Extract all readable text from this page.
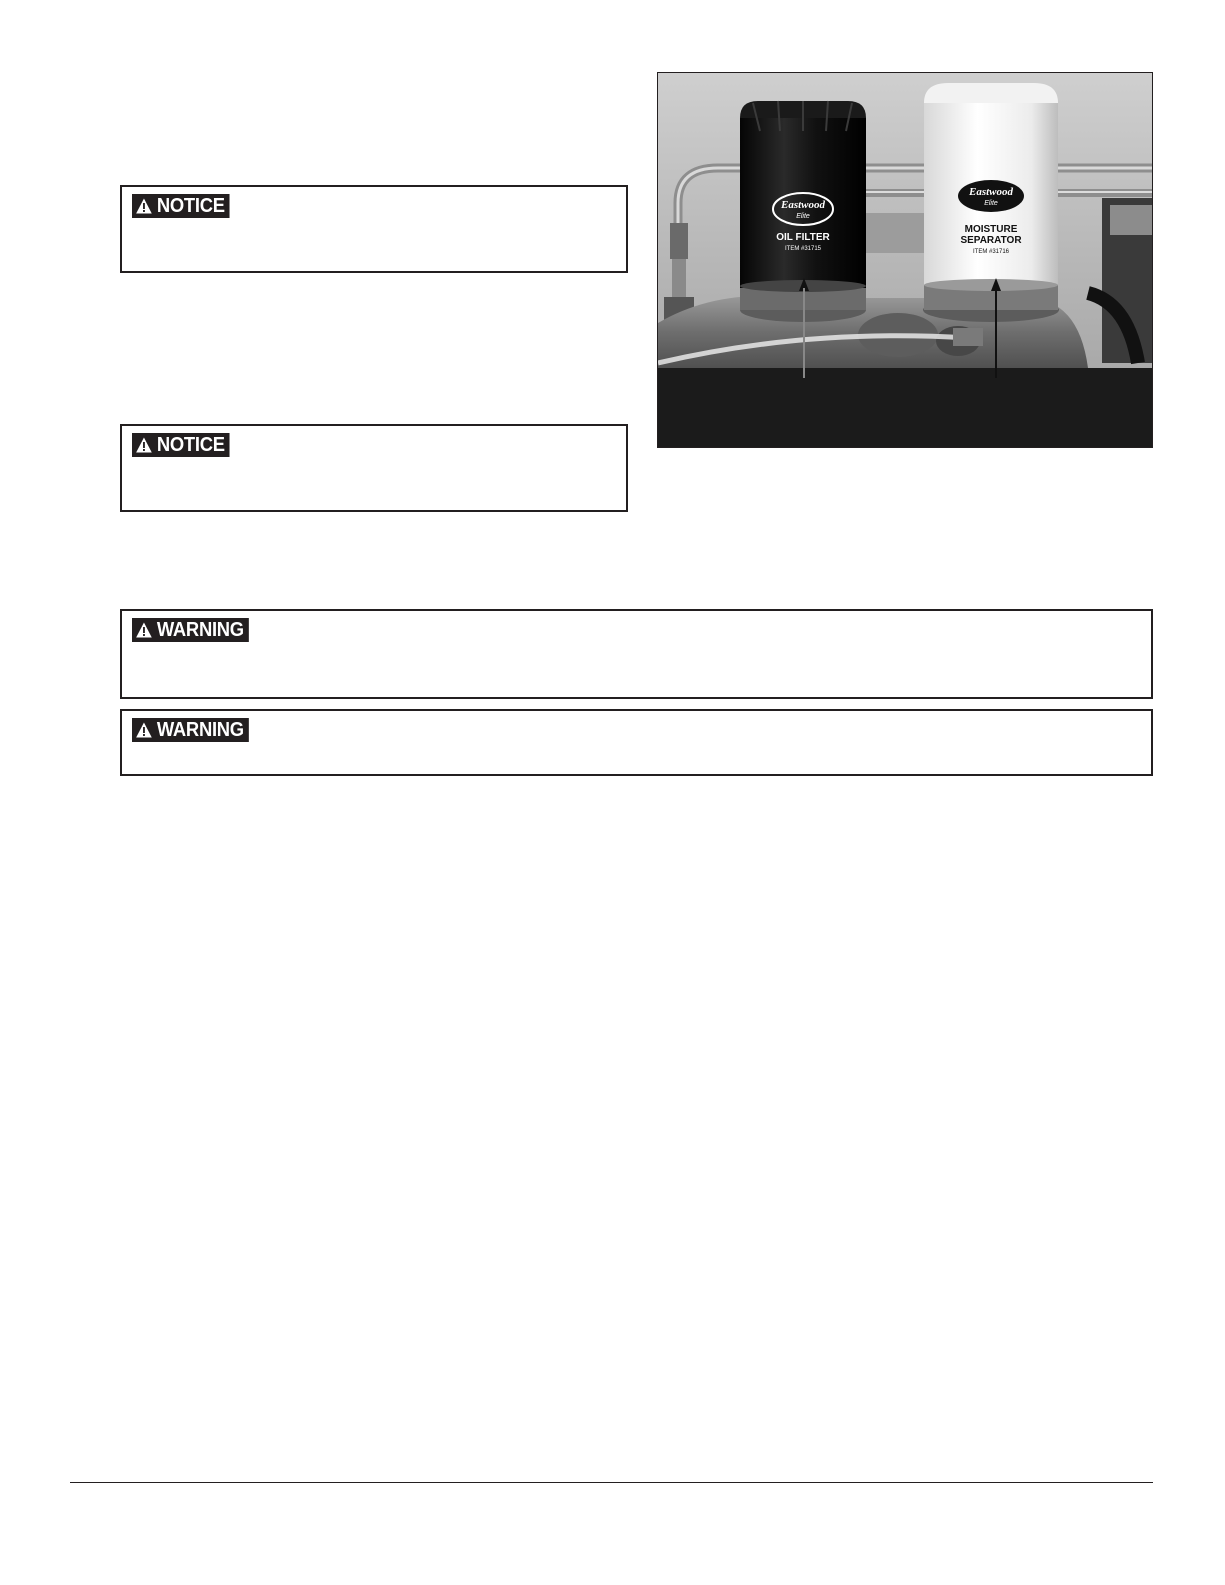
NOTICE
NOTICE
Eastwood
Elite
OIL FILTER
ITEM #31715
Eastwood
Elite
MOISTURE
SEPARATOR
ITEM #31716
WARNING
WARNING
